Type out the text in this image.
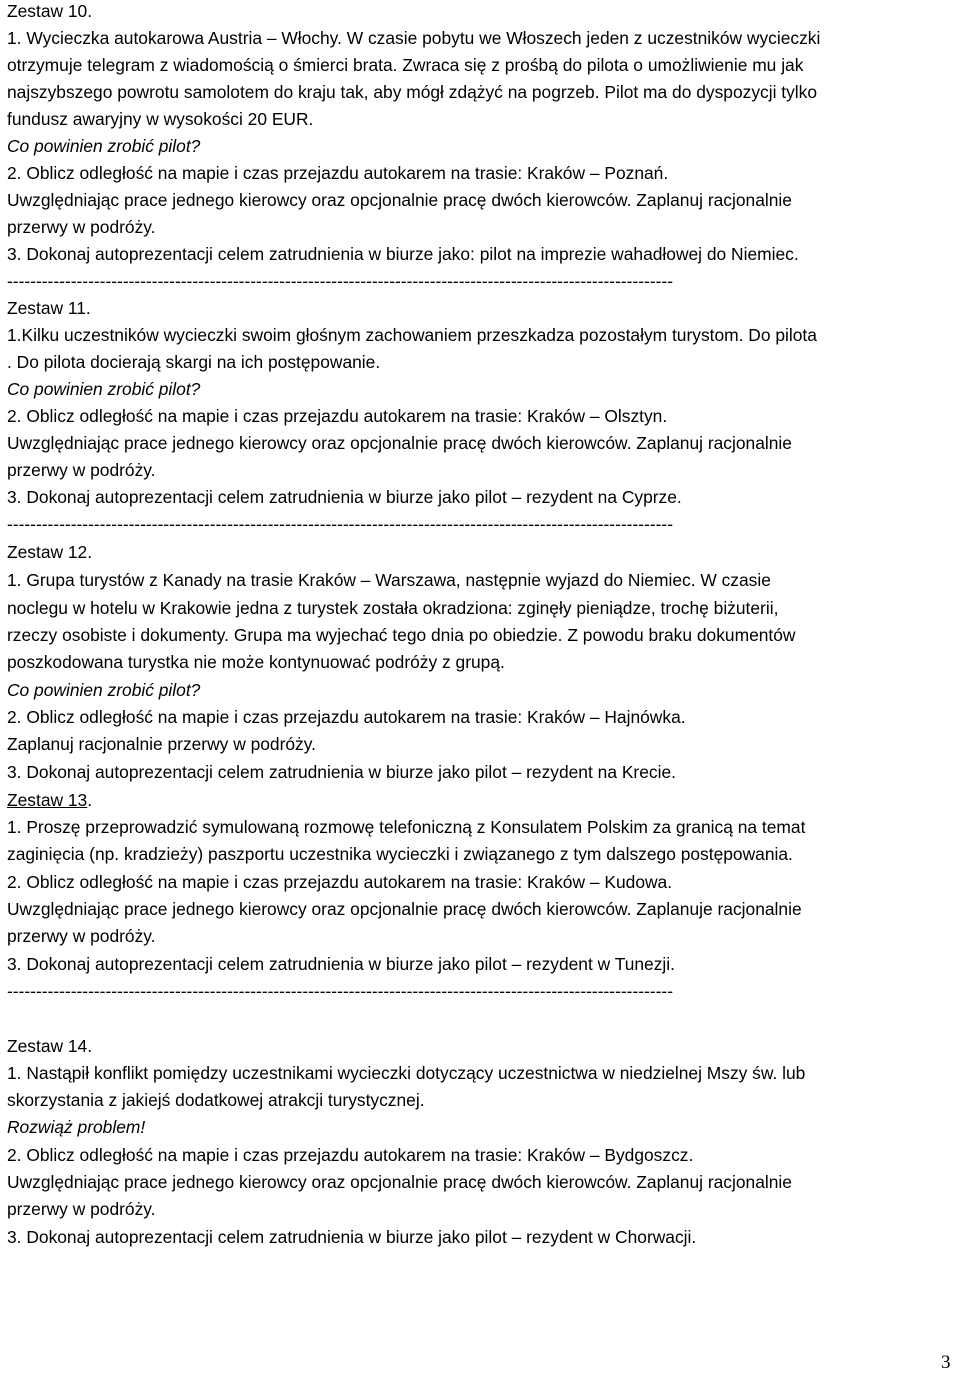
Zestaw 10.
1. Wycieczka autokarowa Austria – Włochy. W czasie pobytu we Włoszech jeden z uczestników wycieczki
otrzymuje telegram z wiadomością o śmierci brata. Zwraca się z prośbą do pilota o umożliwienie mu jak
najszybszego powrotu samolotem do kraju tak, aby mógł zdążyć na pogrzeb. Pilot ma do dyspozycji tylko
fundusz awaryjny w wysokości 20 EUR.
Co powinien zrobić pilot?
2. Oblicz odległość na mapie i czas przejazdu autokarem na trasie: Kraków – Poznań.
Uwzględniając prace jednego kierowcy oraz opcjonalnie pracę dwóch kierowców. Zaplanuj racjonalnie
przerwy w podróży.
3. Dokonaj autoprezentacji celem zatrudnienia w biurze jako: pilot na imprezie wahadłowej do Niemiec.
-------------------------------------------------------------------------------------------------------------------
Zestaw 11.
1.Kilku uczestników wycieczki swoim głośnym zachowaniem przeszkadza pozostałym turystom. Do pilota
. Do pilota docierają skargi na ich postępowanie.
Co powinien zrobić pilot?
2. Oblicz odległość na mapie i czas przejazdu autokarem na trasie: Kraków – Olsztyn.
Uwzględniając prace jednego kierowcy oraz opcjonalnie pracę dwóch kierowców. Zaplanuj racjonalnie
przerwy w podróży.
3. Dokonaj autoprezentacji celem zatrudnienia w biurze jako pilot – rezydent na Cyprze.
-------------------------------------------------------------------------------------------------------------------
Zestaw 12.
1. Grupa turystów z Kanady na trasie Kraków – Warszawa, następnie wyjazd do Niemiec. W czasie
noclegu w hotelu w Krakowie jedna z turystek została okradziona: zginęły pieniądze, trochę biżuterii,
rzeczy osobiste i dokumenty. Grupa ma wyjechać tego dnia po obiedzie. Z powodu braku dokumentów
poszkodowana turystka nie może kontynuować podróży z grupą.
Co powinien zrobić pilot?
2. Oblicz odległość na mapie i czas przejazdu autokarem na trasie: Kraków – Hajnówka.
Zaplanuj racjonalnie przerwy w podróży.
3. Dokonaj autoprezentacji celem zatrudnienia w biurze jako pilot – rezydent na Krecie.
Zestaw 13.
1. Proszę przeprowadzić symulowaną rozmowę telefoniczną z Konsulatem Polskim za granicą na temat
zaginięcia (np. kradzieży) paszportu uczestnika wycieczki i związanego z tym dalszego postępowania.
2. Oblicz odległość na mapie i czas przejazdu autokarem na trasie: Kraków – Kudowa.
Uwzględniając prace jednego kierowcy oraz opcjonalnie pracę dwóch kierowców. Zaplanuje racjonalnie
przerwy w podróży.
3. Dokonaj autoprezentacji celem zatrudnienia w biurze jako pilot – rezydent w Tunezji.
-------------------------------------------------------------------------------------------------------------------
Zestaw 14.
1. Nastąpił konflikt pomiędzy uczestnikami wycieczki dotyczący uczestnictwa w niedzielnej Mszy św. lub
skorzystania z jakiejś dodatkowej atrakcji turystycznej.
Rozwiąż problem!
2. Oblicz odległość na mapie i czas przejazdu autokarem na trasie: Kraków – Bydgoszcz.
Uwzględniając prace jednego kierowcy oraz opcjonalnie pracę dwóch kierowców. Zaplanuj racjonalnie
przerwy w podróży.
3. Dokonaj autoprezentacji celem zatrudnienia w biurze jako pilot – rezydent w Chorwacji.
3
